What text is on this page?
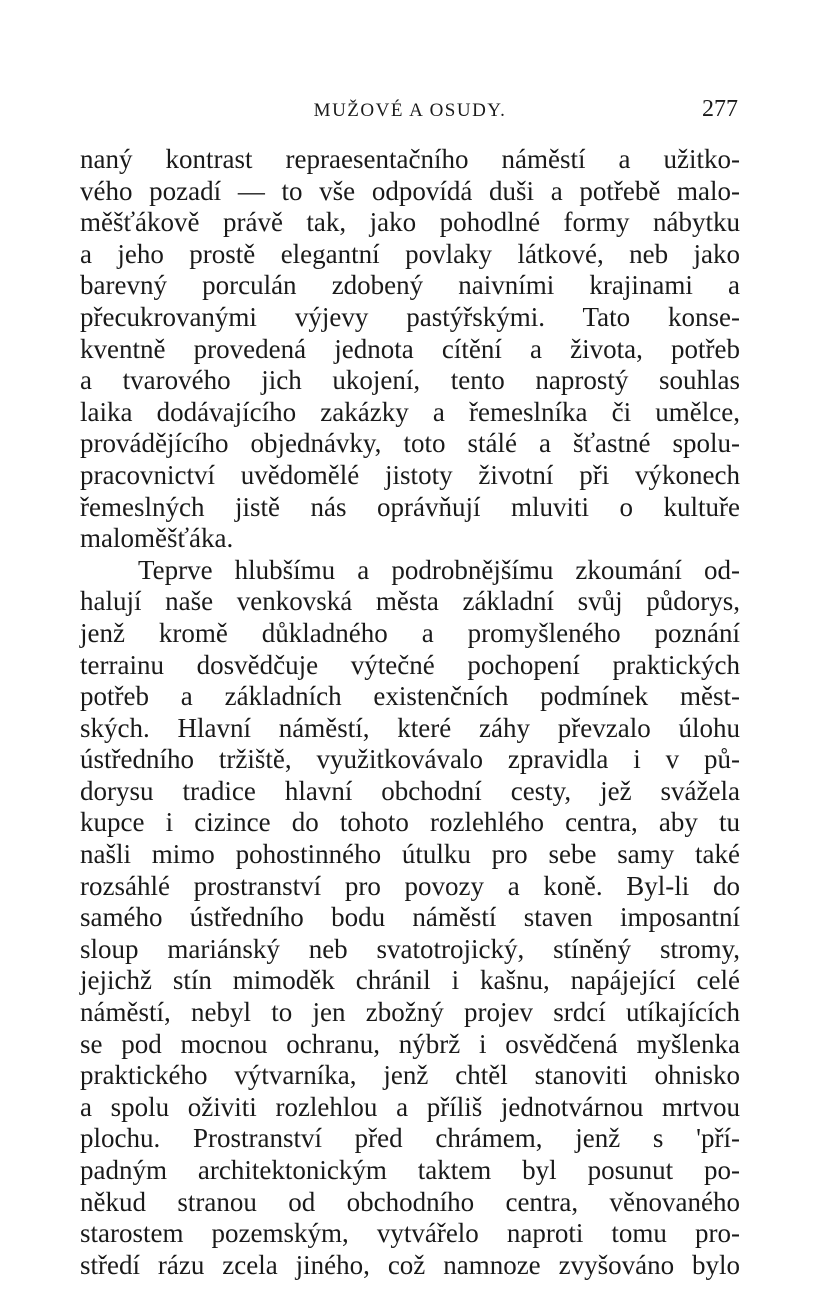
MUŽOVÉ A OSUDY.	277
naný kontrast repraesentačního náměstí a užitko-
vého pozadí — to vše odpovídá duši a potřebě malo-
měšťákově právě tak, jako pohodlné formy nábytku
a jeho prostě elegantní povlaky látkové, neb jako
barevný porculán zdobený naivními krajinami a
přecukrovanými výjevy pastýřskými. Tato konse-
kventně provedená jednota cítění a života, potřeb
a tvarového jich ukojení, tento naprostý souhlas
laika dodávajícího zakázky a řemeslníka či umělce,
provádějícího objednávky, toto stálé a šťastné spolu-
pracovnictví uvědomělé jistoty životní při výkonech
řemeslných jistě nás oprávňují mluviti o kultuře
maloměšťáka.
Teprve hlubšímu a podrobnějšímu zkoumání od-
halují naše venkovská města základní svůj půdorys,
jenž kromě důkladného a promyšleného poznání
terrainu dosvědčuje výtečné pochopení praktických
potřeb a základních existenčních podmínek měst-
ských. Hlavní náměstí, které záhy převzalo úlohu
ústředního tržiště, využitkovávalo zpravidla i v pů-
dorysu tradice hlavní obchodní cesty, jež svážela
kupce i cizince do tohoto rozlehlého centra, aby tu
našli mimo pohostinného útulku pro sebe samy také
rozsáhlé prostranství pro povozy a koně. Byl-li do
samého ústředního bodu náměstí staven imposantní
sloup mariánský neb svatotrojický, stíněný stromy,
jejichž stín mimoděk chránil i kašnu, napájející celé
náměstí, nebyl to jen zbožný projev srdcí utíkajících
se pod mocnou ochranu, nýbrž i osvědčená myšlenka
praktického výtvarníka, jenž chtěl stanoviti ohnisko
a spolu oživiti rozlehlou a příliš jednotvárnou mrtvou
plochu. Prostranství před chrámem, jenž s 'pří-
padným architektonickým taktem byl posunut po-
někud stranou od obchodního centra, věnovaného
starostem pozemským, vytvářelo naproti tomu pro-
středí rázu zcela jiného, což namnoze zvyšováno bylo
